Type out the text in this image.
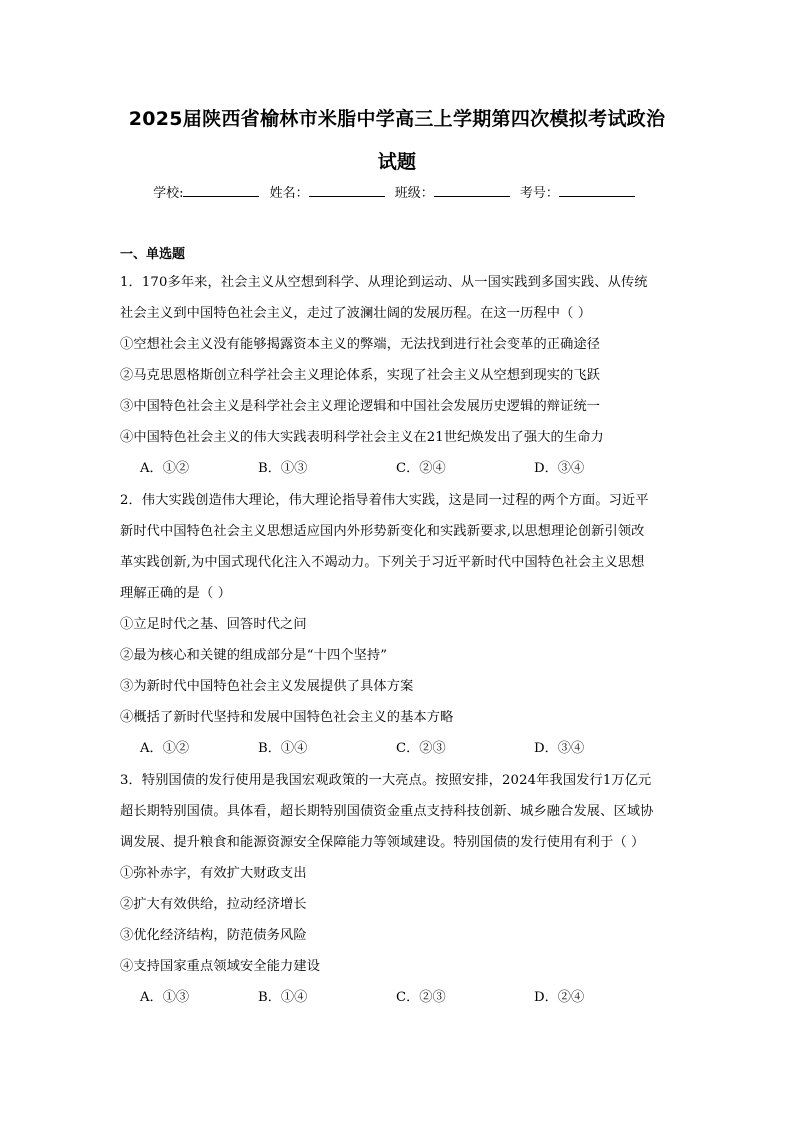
2025届陕西省榆林市米脂中学高三上学期第四次模拟考试政治
试题
学校:	姓名：	班级：	考号：
一、单选题
1．170多年来，社会主义从空想到科学、从理论到运动、从一国实践到多国实践、从传统
社会主义到中国特色社会主义，走过了波澜壮阔的发展历程。在这一历程中（ ）
①空想社会主义没有能够揭露资本主义的弊端，无法找到进行社会变革的正确途径
②马克思恩格斯创立科学社会主义理论体系，实现了社会主义从空想到现实的飞跃
③中国特色社会主义是科学社会主义理论逻辑和中国社会发展历史逻辑的辩证统一
④中国特色社会主义的伟大实践表明科学社会主义在21世纪焕发出了强大的生命力
A．①②	B．①③	C．②④	D．③④
2．伟大实践创造伟大理论，伟大理论指导着伟大实践，这是同一过程的两个方面。习近平
新时代中国特色社会主义思想适应国内外形势新变化和实践新要求,以思想理论创新引领改
革实践创新,为中国式现代化注入不竭动力。下列关于习近平新时代中国特色社会主义思想
理解正确的是（ ）
①立足时代之基、回答时代之问
②最为核心和关键的组成部分是“十四个坚持”
③为新时代中国特色社会主义发展提供了具体方案
④概括了新时代坚持和发展中国特色社会主义的基本方略
A．①②	B．①④	C．②③	D．③④
3．特别国债的发行使用是我国宏观政策的一大亮点。按照安排，2024年我国发行1万亿元
超长期特别国债。具体看，超长期特别国债资金重点支持科技创新、城乡融合发展、区域协
调发展、提升粮食和能源资源安全保障能力等领域建设。特别国债的发行使用有利于（ ）
①弥补赤字，有效扩大财政支出
②扩大有效供给，拉动经济增长
③优化经济结构，防范债务风险
④支持国家重点领域安全能力建设
A．①③	B．①④	C．②③	D．②④
